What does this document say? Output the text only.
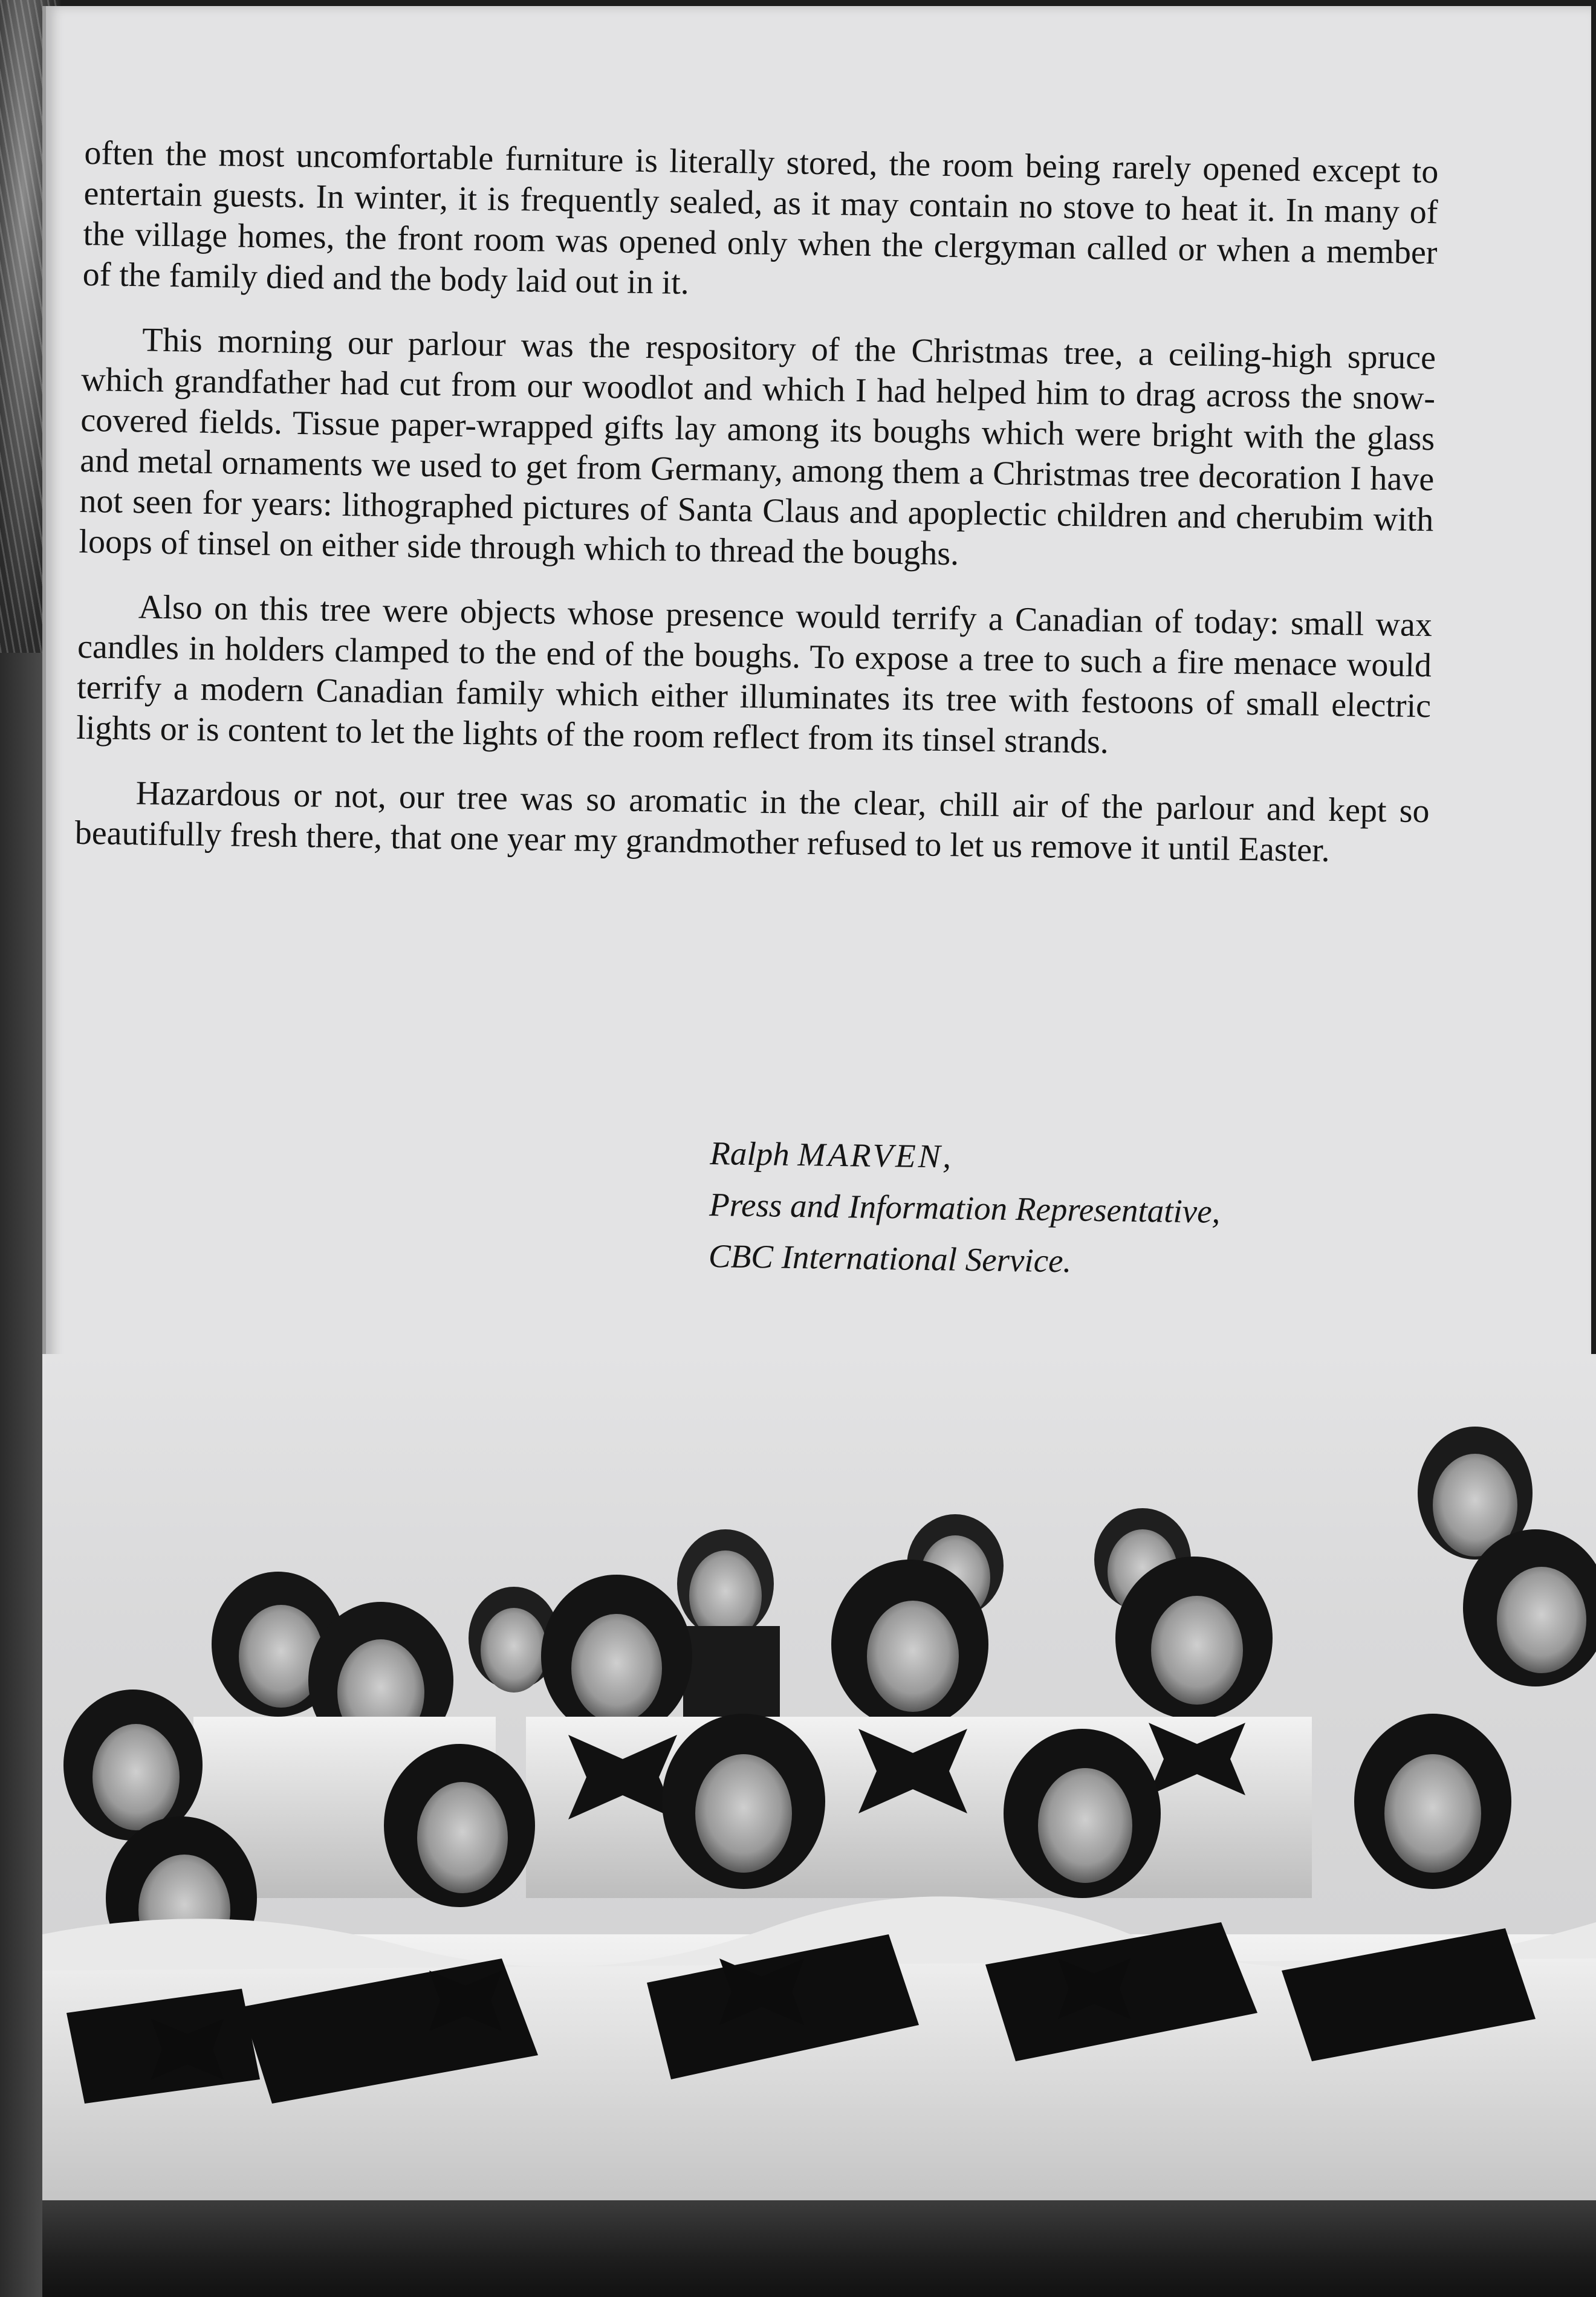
often the most uncomfortable furniture is literally stored, the room being rarely opened except to entertain guests. In winter, it is frequently sealed, as it may contain no stove to heat it. In many of the village homes, the front room was opened only when the clergyman called or when a member of the family died and the body laid out in it.

This morning our parlour was the respository of the Christmas tree, a ceiling-high spruce which grandfather had cut from our woodlot and which I had helped him to drag across the snow-covered fields. Tissue paper-wrapped gifts lay among its boughs which were bright with the glass and metal ornaments we used to get from Germany, among them a Christmas tree decoration I have not seen for years: lithographed pictures of Santa Claus and apoplectic children and cherubim with loops of tinsel on either side through which to thread the boughs.

Also on this tree were objects whose presence would terrify a Canadian of today: small wax candles in holders clamped to the end of the boughs. To expose a tree to such a fire menace would terrify a modern Canadian family which either illuminates its tree with festoons of small electric lights or is content to let the lights of the room reflect from its tinsel strands.

Hazardous or not, our tree was so aromatic in the clear, chill air of the parlour and kept so beautifully fresh there, that one year my grandmother refused to let us remove it until Easter.

Ralph MARVEN,
Press and Information Representative,
CBC International Service.
